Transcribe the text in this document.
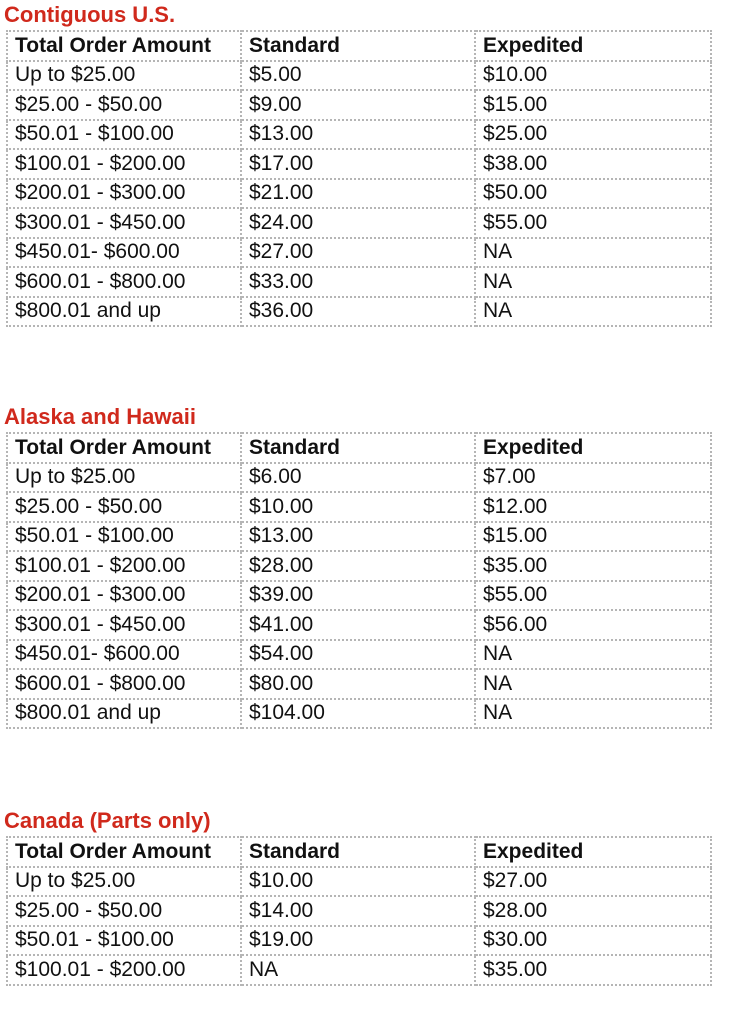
Contiguous U.S.
Total Order Amount	Standard	Expedited
Up to $25.00	$5.00	$10.00
$25.00 - $50.00	$9.00	$15.00
$50.01 - $100.00	$13.00	$25.00
$100.01 - $200.00	$17.00	$38.00
$200.01 - $300.00	$21.00	$50.00
$300.01 - $450.00	$24.00	$55.00
$450.01- $600.00	$27.00	NA
$600.01 - $800.00	$33.00	NA
$800.01 and up	$36.00	NA
Alaska and Hawaii
Total Order Amount	Standard	Expedited
Up to $25.00	$6.00	$7.00
$25.00 - $50.00	$10.00	$12.00
$50.01 - $100.00	$13.00	$15.00
$100.01 - $200.00	$28.00	$35.00
$200.01 - $300.00	$39.00	$55.00
$300.01 - $450.00	$41.00	$56.00
$450.01- $600.00	$54.00	NA
$600.01 - $800.00	$80.00	NA
$800.01 and up	$104.00	NA
Canada (Parts only)
Total Order Amount	Standard	Expedited
Up to $25.00	$10.00	$27.00
$25.00 - $50.00	$14.00	$28.00
$50.01 - $100.00	$19.00	$30.00
$100.01 - $200.00	NA	$35.00
